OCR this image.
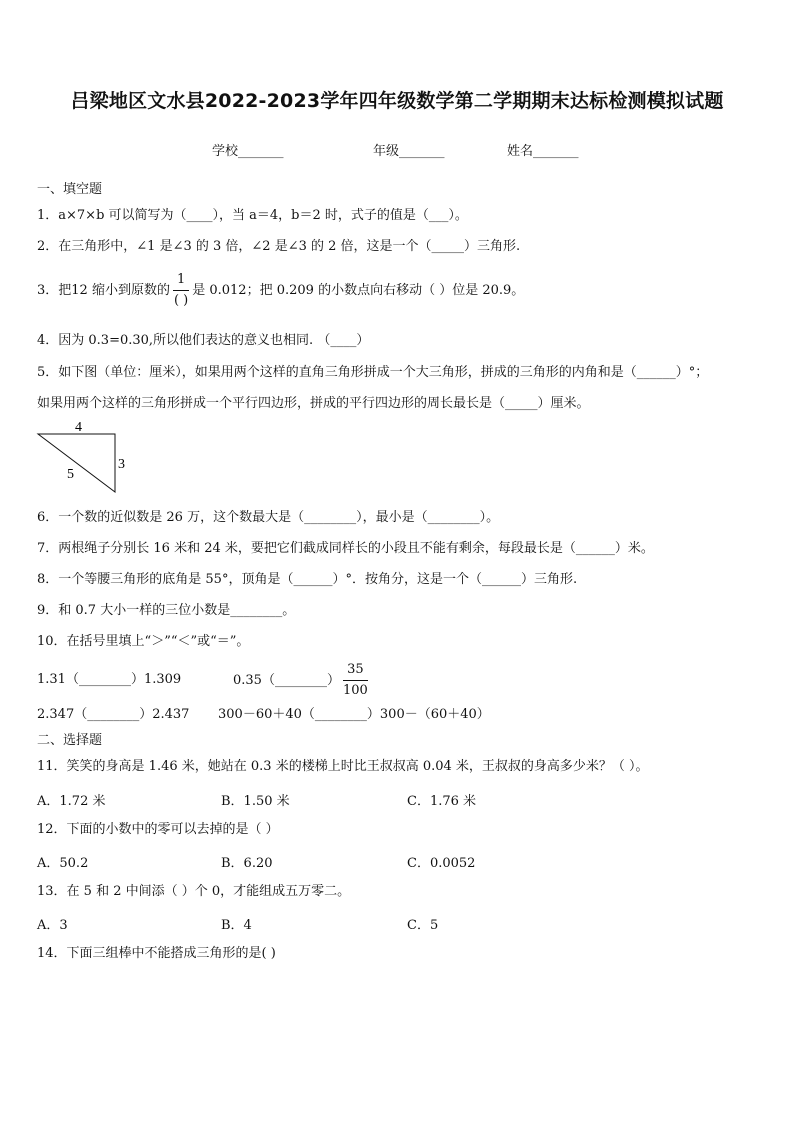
吕梁地区文水县2022-2023学年四年级数学第二学期期末达标检测模拟试题
学校_______	年级_______	姓名_______
一、填空题
1．a×7×b 可以简写为（____），当 a＝4，b＝2 时，式子的值是（___）。
2．在三角形中，∠1 是∠3 的 3 倍，∠2 是∠3 的 2 倍，这是一个（_____）三角形.
3．把12 缩小到原数的 $\frac{1}{( )}$ 是 0.012；把 0.209 的小数点向右移动（ ）位是 20.9。
4．因为 0.3=0.30,所以他们表达的意义也相同. （____）
5．如下图（单位：厘米），如果用两个这样的直角三角形拼成一个大三角形，拼成的三角形的内角和是（______）°；
如果用两个这样的三角形拼成一个平行四边形，拼成的平行四边形的周长最长是（_____）厘米。
4
3
5
6．一个数的近似数是 26 万，这个数最大是（________），最小是（________）。
7．两根绳子分别长 16 米和 24 米，要把它们截成同样长的小段且不能有剩余，每段最长是（______）米。
8．一个等腰三角形的底角是 55°，顶角是（______）°．按角分，这是一个（______）三角形.
9．和 0.7 大小一样的三位小数是________。
10．在括号里填上“＞”“＜”或“＝”。
1.31（________）1.309	0.35（________） $\frac{35}{100}$
2.347（________）2.437 300－60＋40（________）300－（60＋40）
二、选择题
11．笑笑的身高是 1.46 米，她站在 0.3 米的楼梯上时比王叔叔高 0.04 米，王叔叔的身高多少米？（ ）。
A．1.72 米	B．1.50 米	C．1.76 米
12．下面的小数中的零可以去掉的是（ ）
A．50.2	B．6.20	C．0.0052
13．在 5 和 2 中间添（ ）个 0，才能组成五万零二。
A．3	B．4	C．5
14．下面三组棒中不能搭成三角形的是( )
